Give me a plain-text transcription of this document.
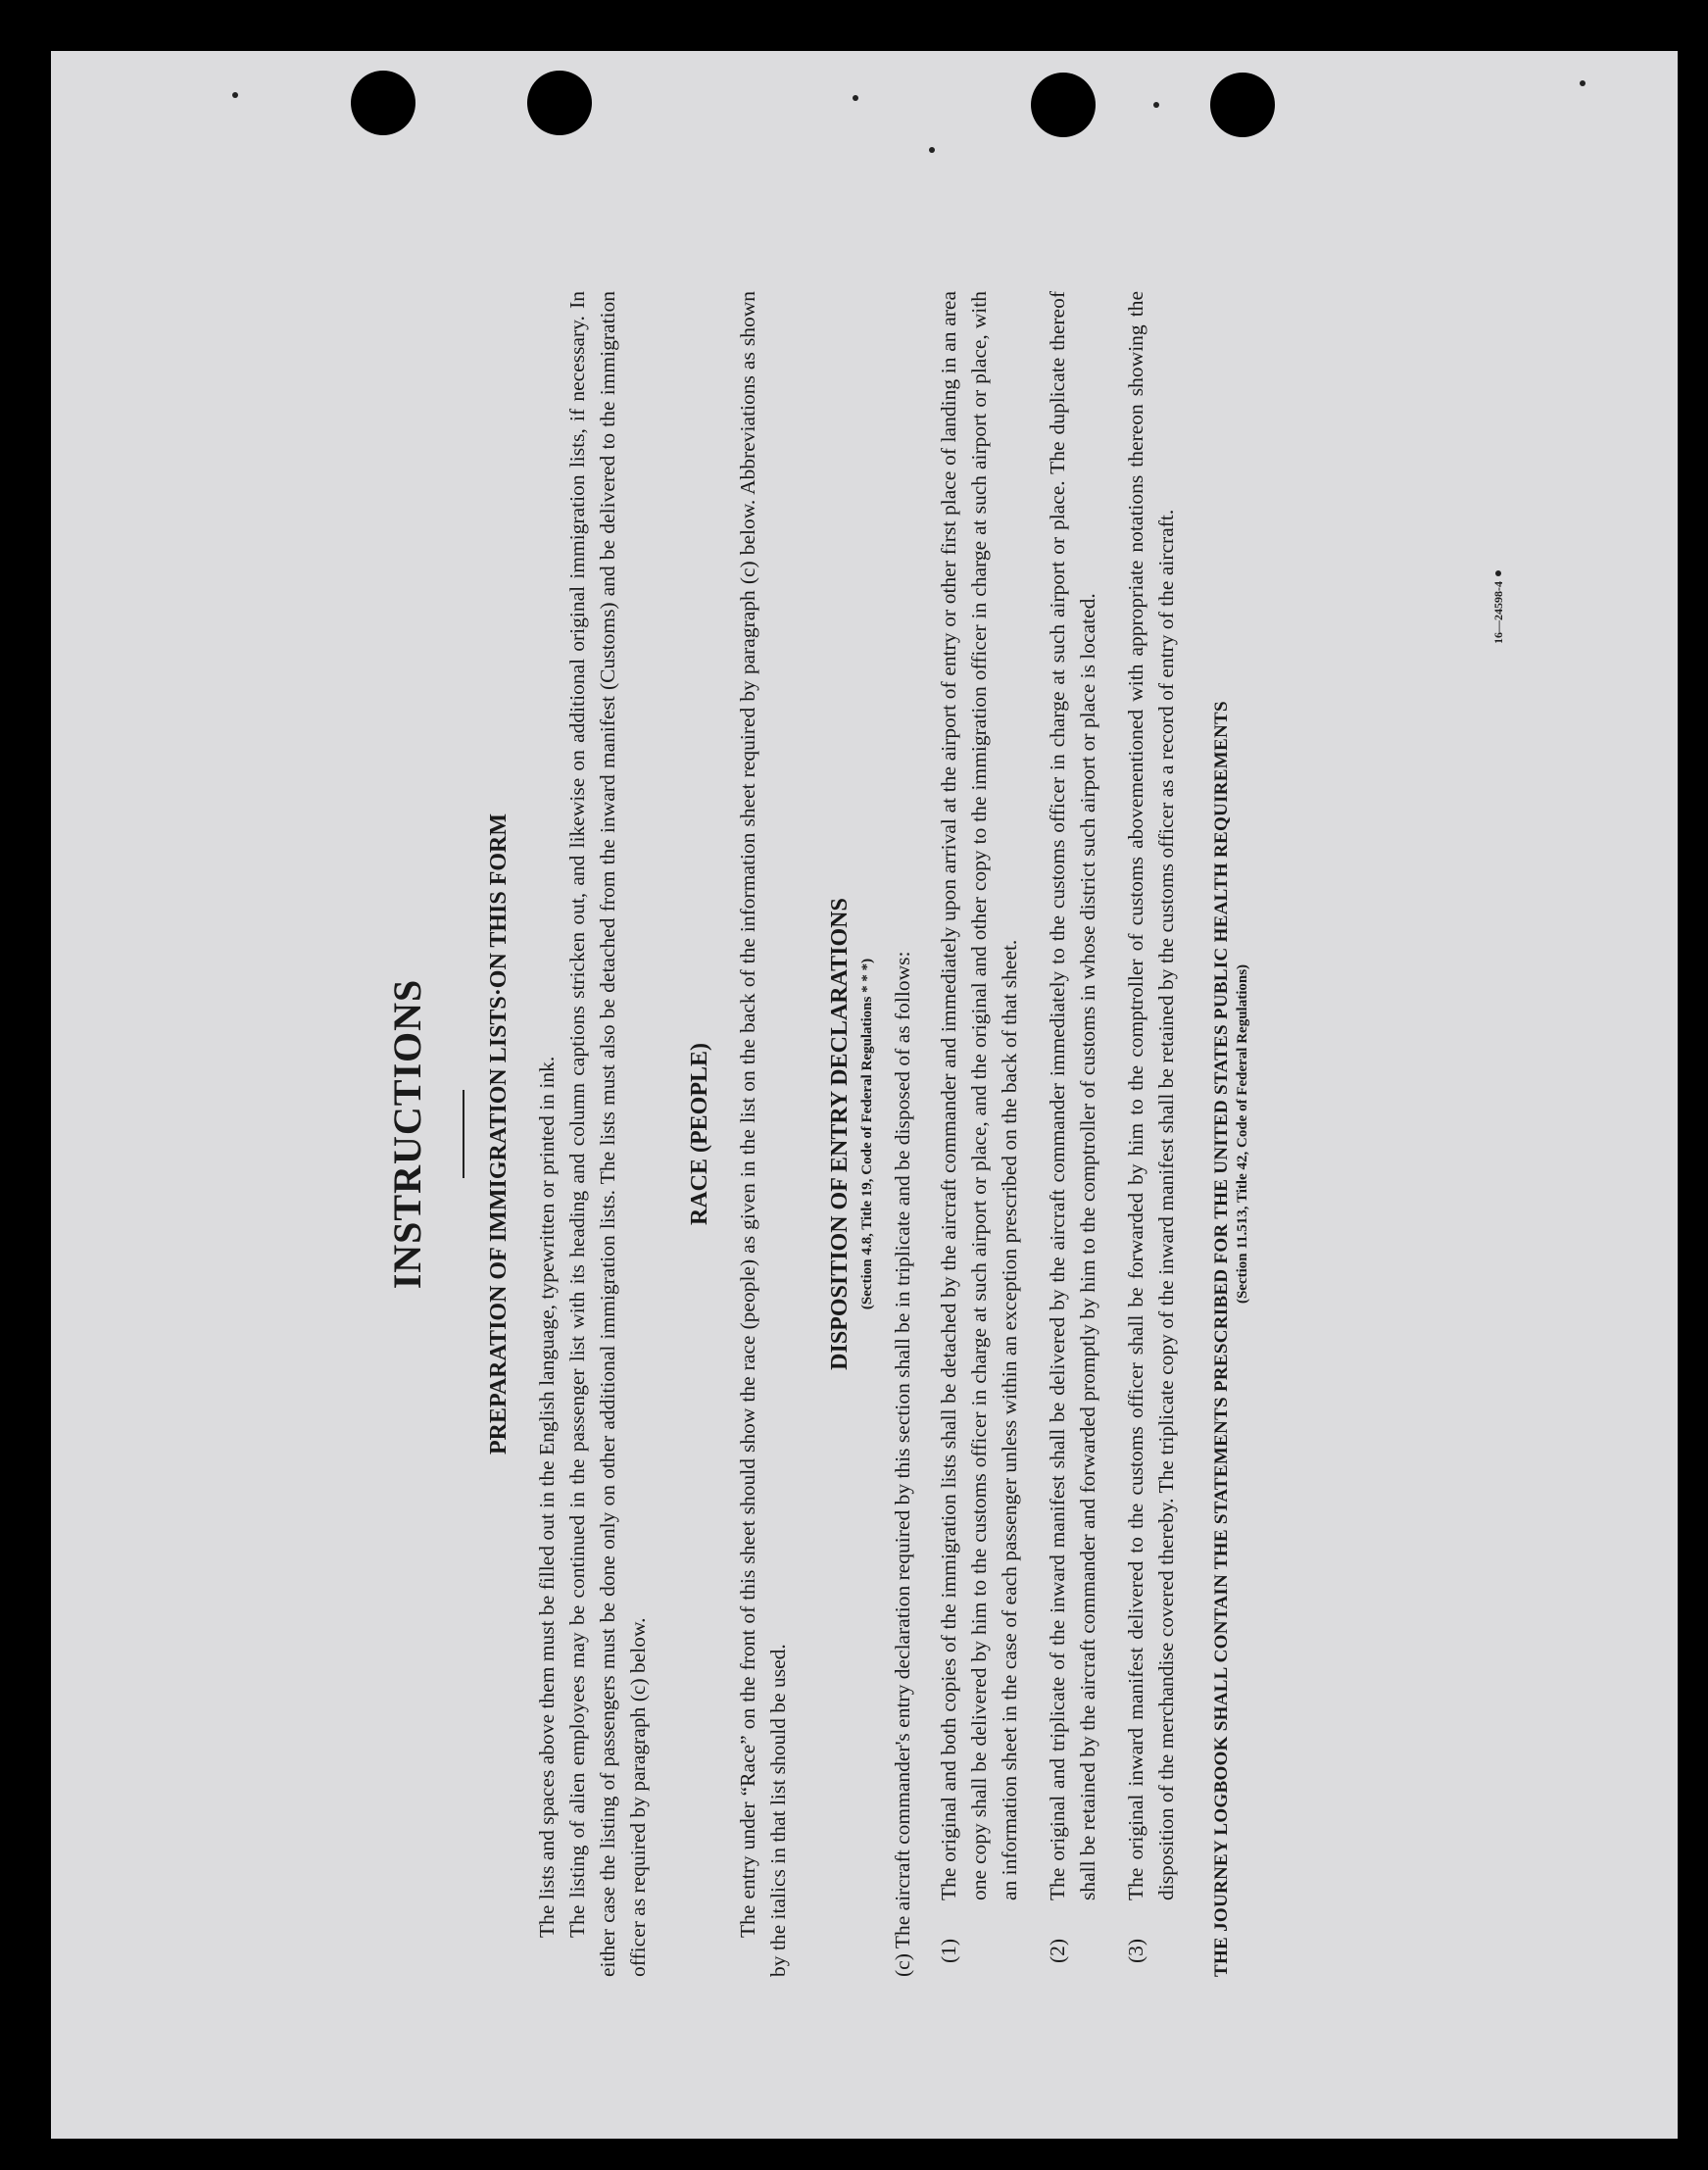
16—24598-4
INSTRUCTIONS	PREPARATION OF IMMIGRATION LISTS·ON THIS FORM The lists and spaces above them must be filled out in the English language, typewritten or printed in ink. The listing of alien employees may be continued in the passenger list with its heading and column captions stricken out, and likewise on additional original immigration lists, if necessary. In either case the listing of passengers must be done only on other additional immigration lists. The lists must also be detached from the inward manifest (Customs) and be delivered to the immigration officer as required by paragraph (c) below.

RACE (PEOPLE) The entry under “Race” on the front of this sheet should show the race (people) as given in the list on the back of the information sheet required by paragraph (c) below. Abbreviations as shown by the italics in that list should be used.

DISPOSITION OF ENTRY DECLARATIONS (Section 4.8, Title 19, Code of Federal Regulations * * *) (c) The aircraft commander's entry declaration required by this section shall be in triplicate and be disposed of as follows: (1)
The original and both copies of the immigration lists shall be detached by the aircraft commander and immediately upon arrival at the airport of entry or other first place of landing in an area one copy shall be delivered by him to the customs officer in charge at such airport or place, and the original and other copy to the immigration officer in charge at such airport or place, with an information sheet in the case of each passenger unless within an exception prescribed on the back of that sheet.
(2)
The original and triplicate of the inward manifest shall be delivered by the aircraft commander immediately to the customs officer in charge at such airport or place. The duplicate thereof shall be retained by the aircraft commander and forwarded promptly by him to the comptroller of customs in whose district such airport or place is located.
(3)
The original inward manifest delivered to the customs officer shall be forwarded by him to the comptroller of customs abovementioned with appropriate notations thereon showing the disposition of the merchandise covered thereby. The triplicate copy of the inward manifest shall be retained by the customs officer as a record of entry of the aircraft. THE JOURNEY LOGBOOK SHALL CONTAIN THE STATEMENTS PRESCRIBED FOR THE UNITED STATES PUBLIC HEALTH REQUIREMENTS (Section 11.513, Title 42, Code of Federal Regulations)
